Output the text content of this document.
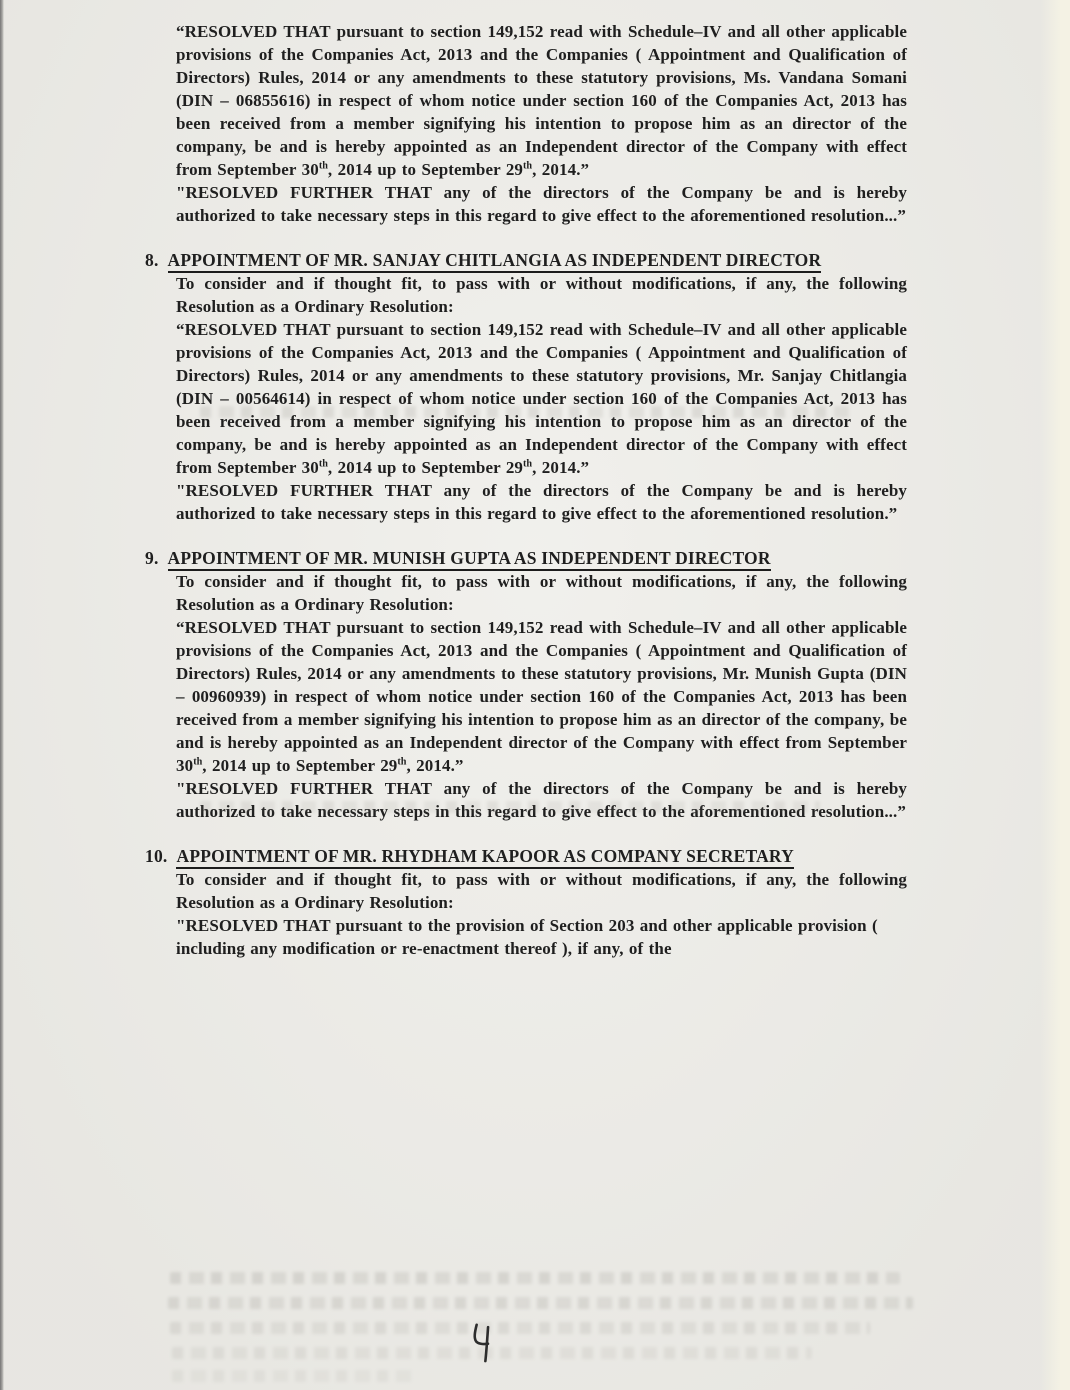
“RESOLVED THAT pursuant to section 149,152 read with Schedule–IV and all other applicable provisions of the Companies Act, 2013 and the Companies ( Appointment and Qualification of Directors) Rules, 2014 or any amendments to these statutory provisions, Ms. Vandana Somani (DIN – 06855616) in respect of whom notice under section 160 of the Companies Act, 2013 has been received from a member signifying his intention to propose him as an director of the company, be and is hereby appointed as an Independent director of the Company with effect from September 30th, 2014 up to September 29th, 2014.”

"RESOLVED FURTHER THAT any of the directors of the Company be and is hereby authorized to take necessary steps in this regard to give effect to the aforementioned resolution...”

8. APPOINTMENT OF MR. SANJAY CHITLANGIA AS INDEPENDENT DIRECTOR

To consider and if thought fit, to pass with or without modifications, if any, the following Resolution as a Ordinary Resolution:

“RESOLVED THAT pursuant to section 149,152 read with Schedule–IV and all other applicable provisions of the Companies Act, 2013 and the Companies ( Appointment and Qualification of Directors) Rules, 2014 or any amendments to these statutory provisions, Mr. Sanjay Chitlangia (DIN – 00564614) in respect of whom notice under section 160 of the Companies Act, 2013 has been received from a member signifying his intention to propose him as an director of the company, be and is hereby appointed as an Independent director of the Company with effect from September 30th, 2014 up to September 29th, 2014.”

"RESOLVED FURTHER THAT any of the directors of the Company be and is hereby authorized to take necessary steps in this regard to give effect to the aforementioned resolution.”

9. APPOINTMENT OF MR. MUNISH GUPTA AS INDEPENDENT DIRECTOR

To consider and if thought fit, to pass with or without modifications, if any, the following Resolution as a Ordinary Resolution:

“RESOLVED THAT pursuant to section 149,152 read with Schedule–IV and all other applicable provisions of the Companies Act, 2013 and the Companies ( Appointment and Qualification of Directors) Rules, 2014 or any amendments to these statutory provisions, Mr. Munish Gupta (DIN – 00960939) in respect of whom notice under section 160 of the Companies Act, 2013 has been received from a member signifying his intention to propose him as an director of the company, be and is hereby appointed as an Independent director of the Company with effect from September 30th, 2014 up to September 29th, 2014.”

"RESOLVED FURTHER THAT any of the directors of the Company be and is hereby authorized to take necessary steps in this regard to give effect to the aforementioned resolution...”

10. APPOINTMENT OF MR. RHYDHAM KAPOOR AS COMPANY SECRETARY

To consider and if thought fit, to pass with or without modifications, if any, the following Resolution as a Ordinary Resolution:

"RESOLVED THAT pursuant to the provision of Section 203 and other applicable provision ( including any modification or re-enactment thereof ), if any, of the
